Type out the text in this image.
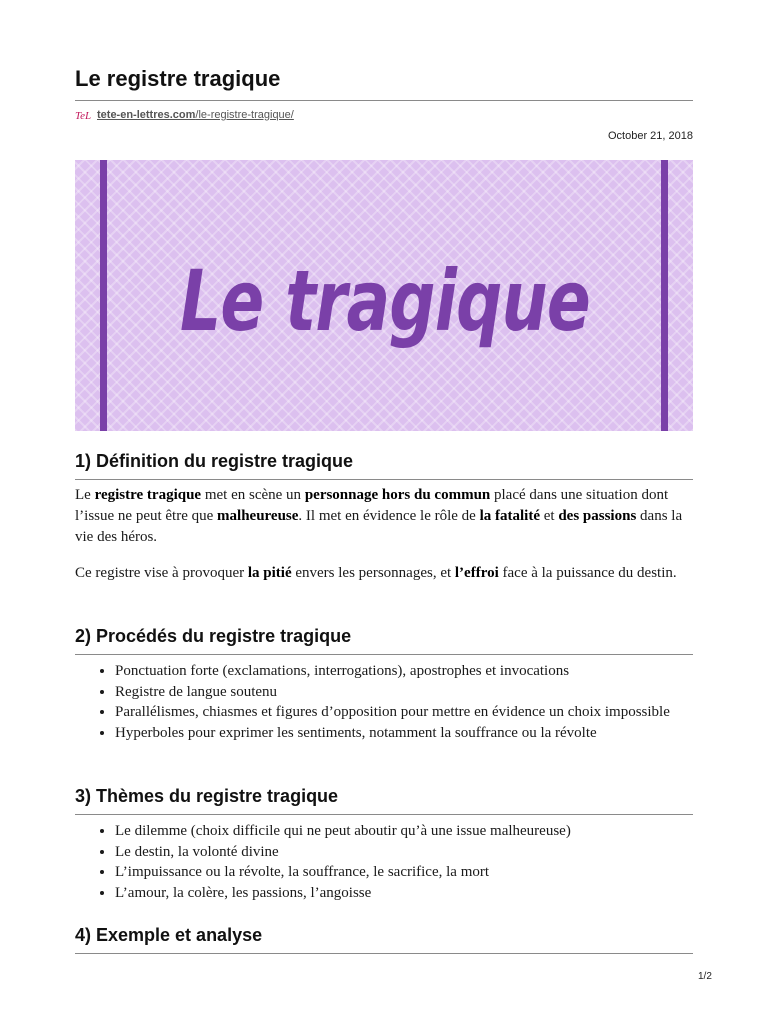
Le registre tragique
TeL tete-en-lettres.com/le-registre-tragique/
October 21, 2018
Le tragique
1) Définition du registre tragique

Le registre tragique met en scène un personnage hors du commun placé dans une situation dont l’issue ne peut être que malheureuse. Il met en évidence le rôle de la fatalité et des passions dans la vie des héros.

Ce registre vise à provoquer la pitié envers les personnages, et l’effroi face à la puissance du destin.

2) Procédés du registre tragique
• Ponctuation forte (exclamations, interrogations), apostrophes et invocations
• Registre de langue soutenu
• Parallélismes, chiasmes et figures d’opposition pour mettre en évidence un choix impossible
• Hyperboles pour exprimer les sentiments, notamment la souffrance ou la révolte
3) Thèmes du registre tragique
• Le dilemme (choix difficile qui ne peut aboutir qu’à une issue malheureuse)
• Le destin, la volonté divine
• L’impuissance ou la révolte, la souffrance, le sacrifice, la mort
• L’amour, la colère, les passions, l’angoisse
4) Exemple et analyse
1/2
